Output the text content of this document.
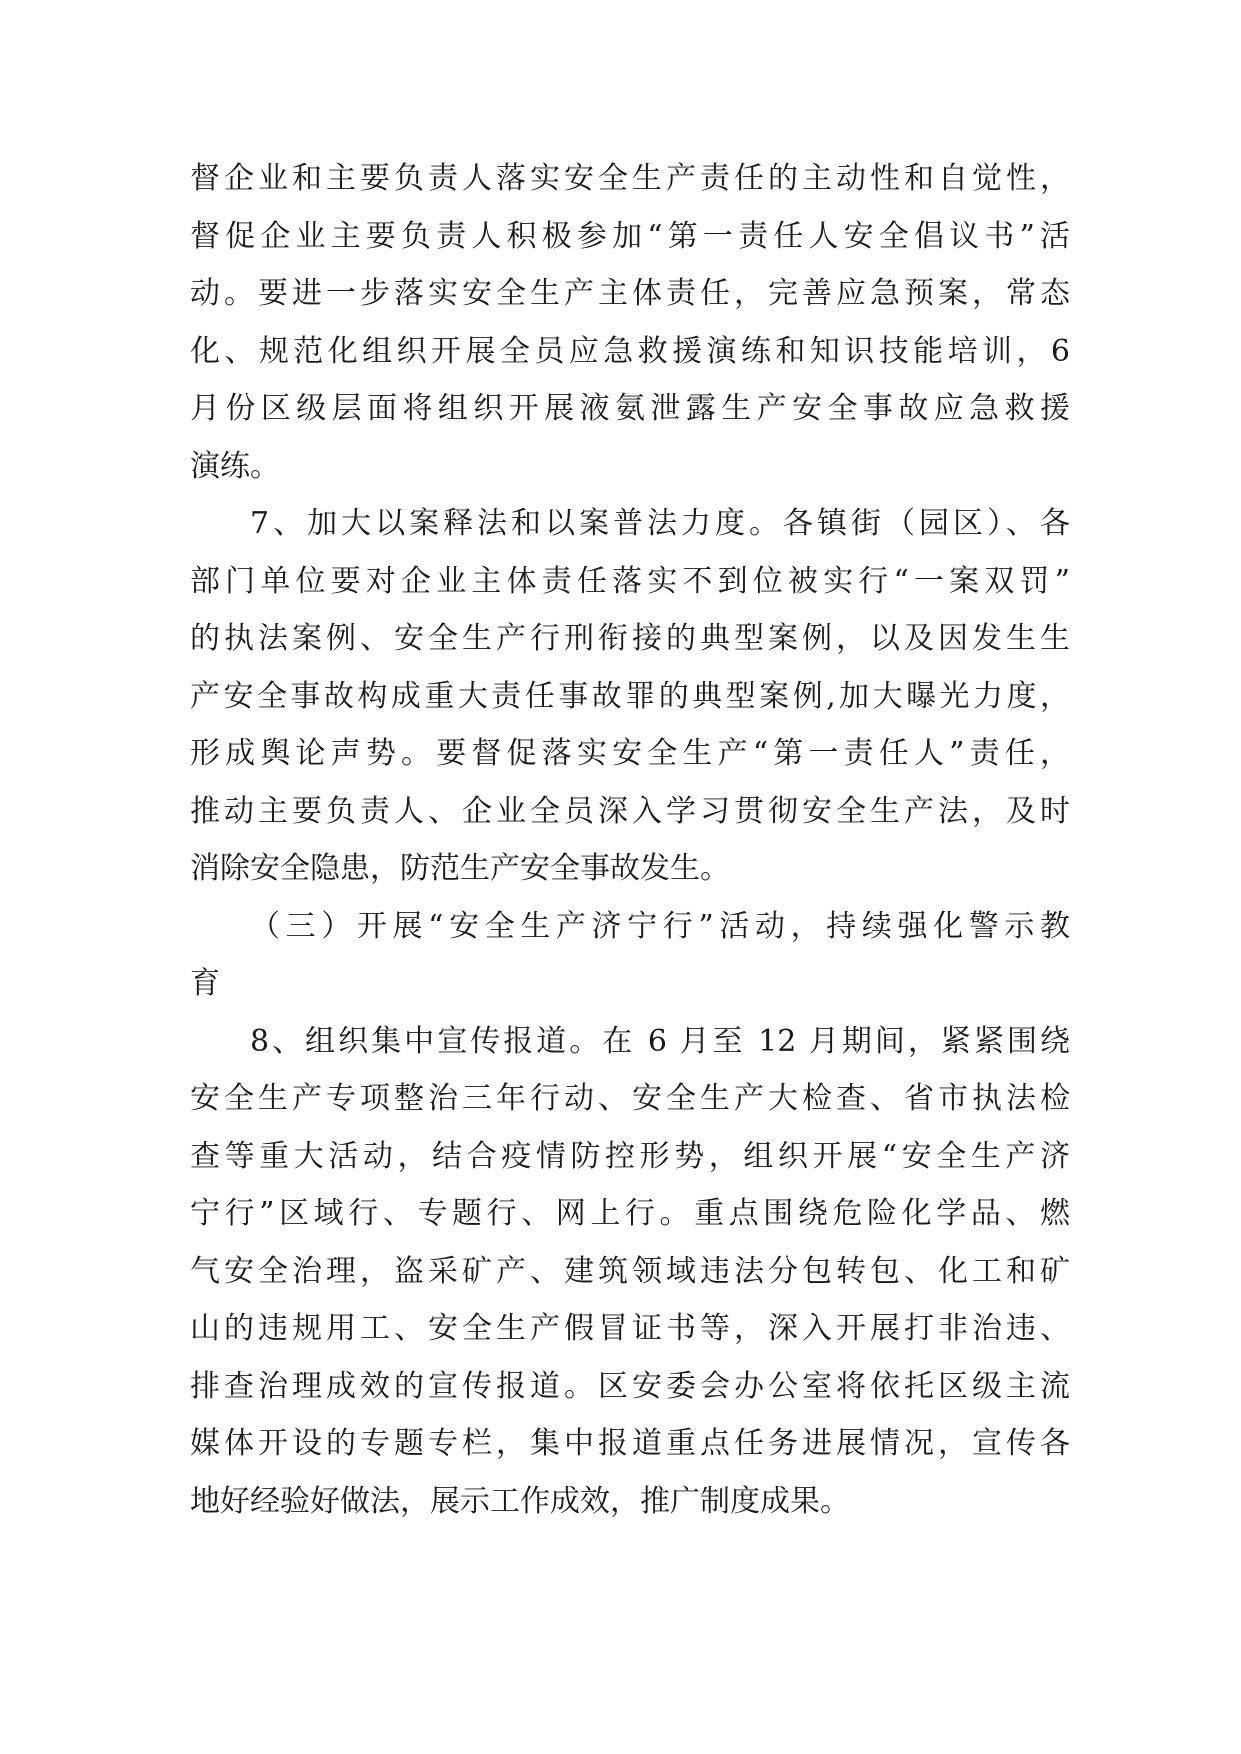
督企业和主要负责人落实安全生产责任的主动性和自觉性，
督促企业主要负责人积极参加“第一责任人安全倡议书”活
动。要进一步落实安全生产主体责任，完善应急预案，常态
化、规范化组织开展全员应急救援演练和知识技能培训，6
月份区级层面将组织开展液氨泄露生产安全事故应急救援
演练。
7、加大以案释法和以案普法力度。各镇街（园区）、各
部门单位要对企业主体责任落实不到位被实行“一案双罚”
的执法案例、安全生产行刑衔接的典型案例，以及因发生生
产安全事故构成重大责任事故罪的典型案例,加大曝光力度，
形成舆论声势。要督促落实安全生产“第一责任人”责任，
推动主要负责人、企业全员深入学习贯彻安全生产法，及时
消除安全隐患，防范生产安全事故发生。
（三）开展“安全生产济宁行”活动，持续强化警示教
育
8、组织集中宣传报道。在 6 月至 12 月期间，紧紧围绕
安全生产专项整治三年行动、安全生产大检查、省市执法检
查等重大活动，结合疫情防控形势，组织开展“安全生产济
宁行”区域行、专题行、网上行。重点围绕危险化学品、燃
气安全治理，盗采矿产、建筑领域违法分包转包、化工和矿
山的违规用工、安全生产假冒证书等，深入开展打非治违、
排查治理成效的宣传报道。区安委会办公室将依托区级主流
媒体开设的专题专栏，集中报道重点任务进展情况，宣传各
地好经验好做法，展示工作成效，推广制度成果。
